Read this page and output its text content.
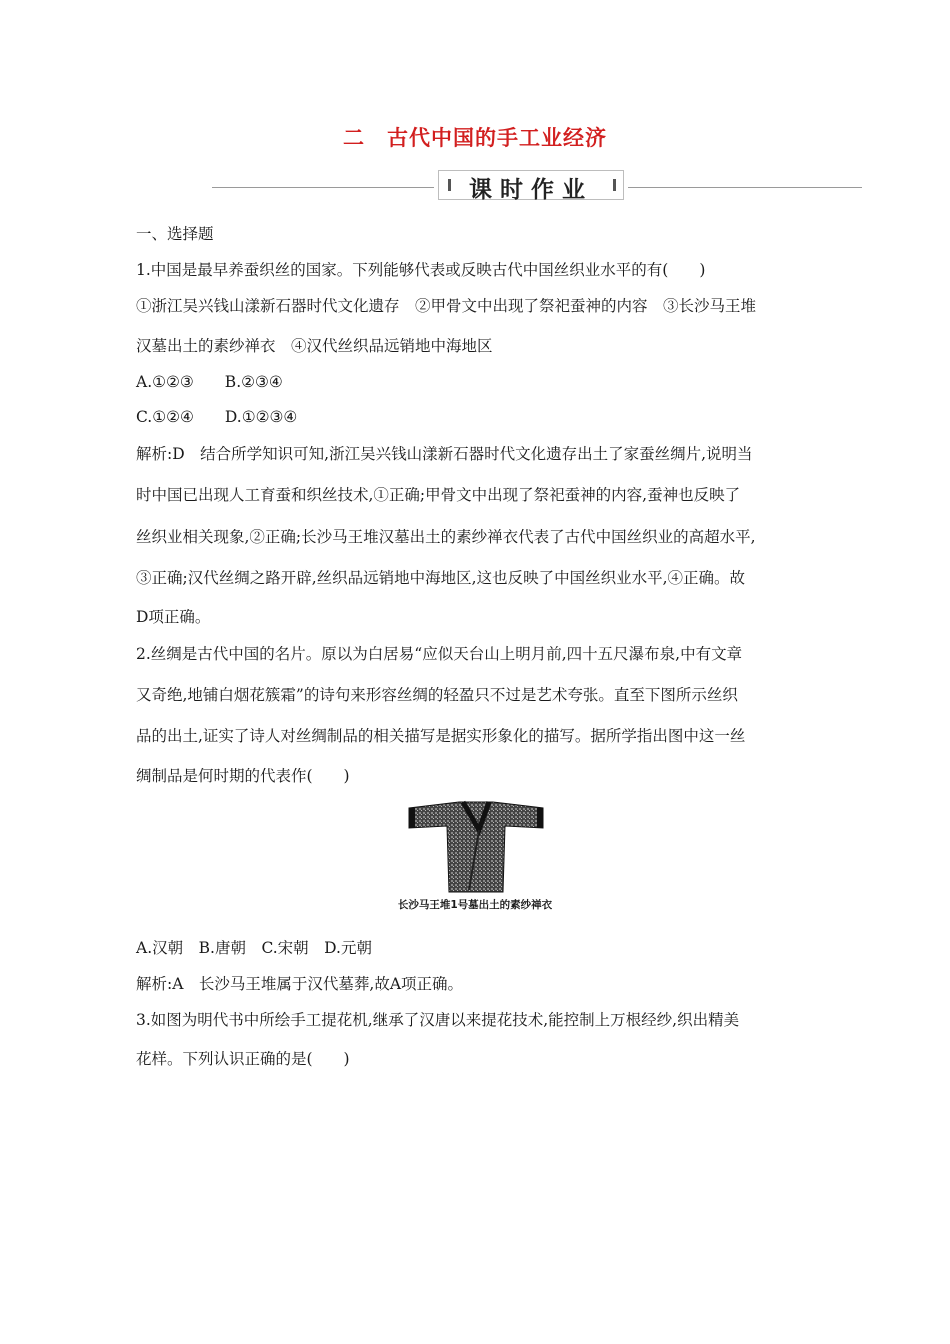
二　古代中国的手工业经济
课时作业
一、选择题
1.中国是最早养蚕织丝的国家。下列能够代表或反映古代中国丝织业水平的有(　　)
①浙江吴兴钱山漾新石器时代文化遗存　②甲骨文中出现了祭祀蚕神的内容　③长沙马王堆
汉墓出土的素纱禅衣　④汉代丝织品远销地中海地区
A.①②③　　B.②③④
C.①②④　　D.①②③④
解析:D　结合所学知识可知,浙江吴兴钱山漾新石器时代文化遗存出土了家蚕丝绸片,说明当
时中国已出现人工育蚕和织丝技术,①正确;甲骨文中出现了祭祀蚕神的内容,蚕神也反映了
丝织业相关现象,②正确;长沙马王堆汉墓出土的素纱禅衣代表了古代中国丝织业的高超水平,
③正确;汉代丝绸之路开辟,丝织品远销地中海地区,这也反映了中国丝织业水平,④正确。故
D项正确。
2.丝绸是古代中国的名片。原以为白居易“应似天台山上明月前,四十五尺瀑布泉,中有文章
又奇绝,地铺白烟花簇霜”的诗句来形容丝绸的轻盈只不过是艺术夸张。直至下图所示丝织
品的出土,证实了诗人对丝绸制品的相关描写是据实形象化的描写。据所学指出图中这一丝
绸制品是何时期的代表作(　　)
长沙马王堆1号墓出土的素纱禅衣
A.汉朝　B.唐朝　C.宋朝　D.元朝
解析:A　长沙马王堆属于汉代墓葬,故A项正确。
3.如图为明代书中所绘手工提花机,继承了汉唐以来提花技术,能控制上万根经纱,织出精美
花样。下列认识正确的是(　　)
